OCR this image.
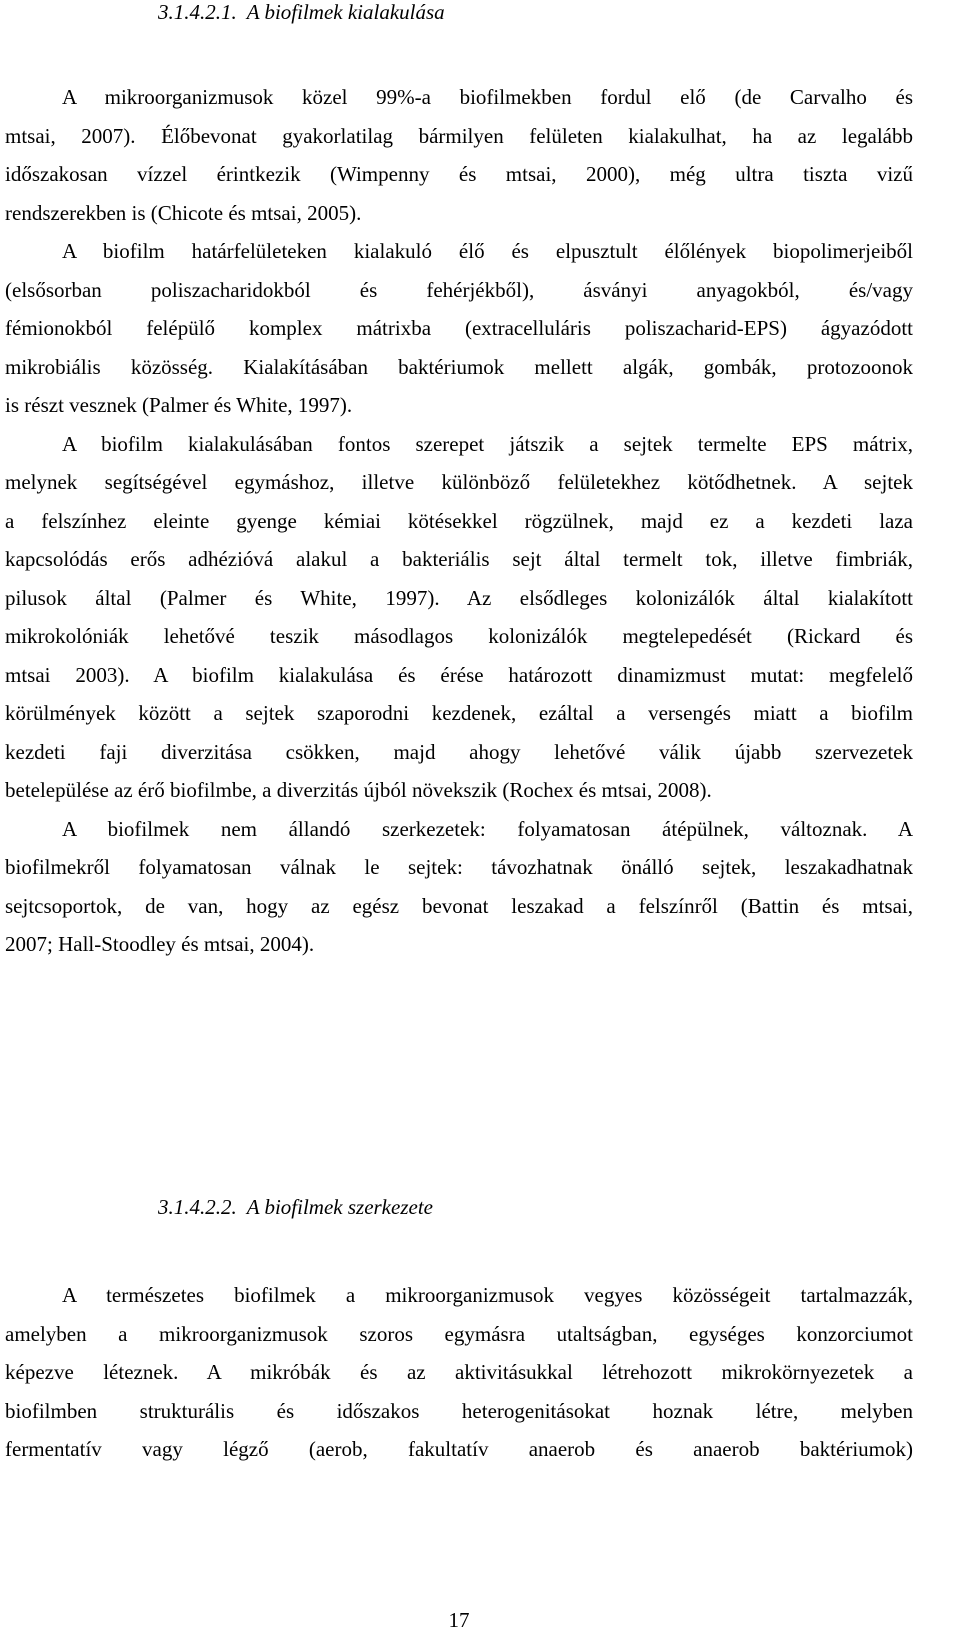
3.1.4.2.1. A biofilmek kialakulása
A mikroorganizmusok közel 99%-a biofilmekben fordul elő (de Carvalho és
mtsai, 2007). Élőbevonat gyakorlatilag bármilyen felületen kialakulhat, ha az legalább
időszakosan vízzel érintkezik (Wimpenny és mtsai, 2000), még ultra tiszta vizű
rendszerekben is (Chicote és mtsai, 2005).
A biofilm határfelületeken kialakuló élő és elpusztult élőlények biopolimerjeiből
(elsősorban poliszacharidokból és fehérjékből), ásványi anyagokból, és/vagy
fémionokból felépülő komplex mátrixba (extracelluláris poliszacharid-EPS) ágyazódott
mikrobiális közösség. Kialakításában baktériumok mellett algák, gombák, protozoonok
is részt vesznek (Palmer és White, 1997).
A biofilm kialakulásában fontos szerepet játszik a sejtek termelte EPS mátrix,
melynek segítségével egymáshoz, illetve különböző felületekhez kötődhetnek. A sejtek
a felszínhez eleinte gyenge kémiai kötésekkel rögzülnek, majd ez a kezdeti laza
kapcsolódás erős adhézióvá alakul a bakteriális sejt által termelt tok, illetve fimbriák,
pilusok által (Palmer és White, 1997). Az elsődleges kolonizálók által kialakított
mikrokolóniák lehetővé teszik másodlagos kolonizálók megtelepedését (Rickard és
mtsai 2003). A biofilm kialakulása és érése határozott dinamizmust mutat: megfelelő
körülmények között a sejtek szaporodni kezdenek, ezáltal a versengés miatt a biofilm
kezdeti faji diverzitása csökken, majd ahogy lehetővé válik újabb szervezetek
betelepülése az érő biofilmbe, a diverzitás újból növekszik (Rochex és mtsai, 2008).
A biofilmek nem állandó szerkezetek: folyamatosan átépülnek, változnak. A
biofilmekről folyamatosan válnak le sejtek: távozhatnak önálló sejtek, leszakadhatnak
sejtcsoportok, de van, hogy az egész bevonat leszakad a felszínről (Battin és mtsai,
2007; Hall-Stoodley és mtsai, 2004).
3.1.4.2.2. A biofilmek szerkezete
A természetes biofilmek a mikroorganizmusok vegyes közösségeit tartalmazzák,
amelyben a mikroorganizmusok szoros egymásra utaltságban, egységes konzorciumot
képezve léteznek. A mikróbák és az aktivitásukkal létrehozott mikrokörnyezetek a
biofilmben strukturális és időszakos heterogenitásokat hoznak létre, melyben
fermentatív vagy légző (aerob, fakultatív anaerob és anaerob baktériumok)
17
